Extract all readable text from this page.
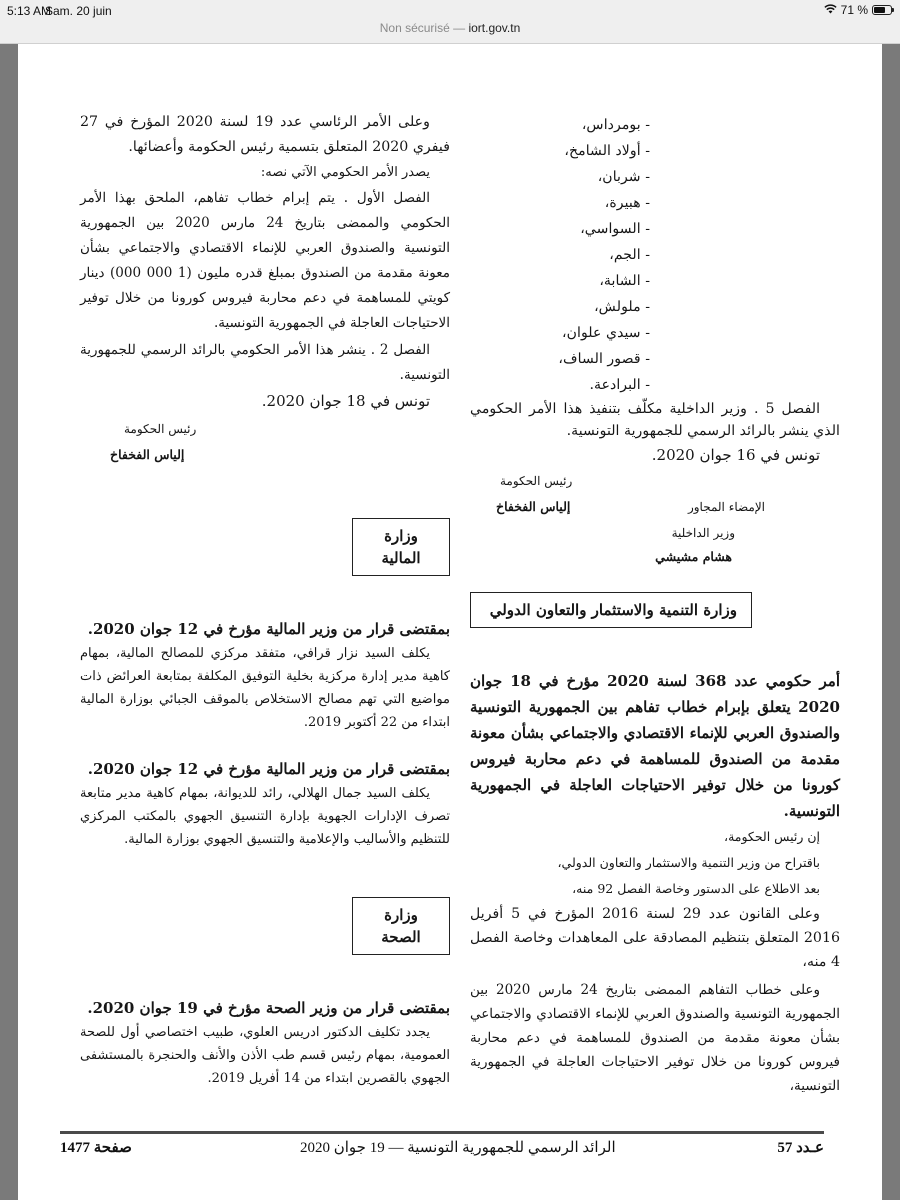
5:13 AM
Sam. 20 juin	71 %
Non sécurisé — iort.gov.tn

- بومرداس،

- أولاد الشامخ،

- شربان،

- هبيرة،

- السواسي،

- الجم،

- الشابة،

- ملولش،

- سيدي علوان،

- قصور الساف،

- البرادعة.

الفصل 5 . وزير الداخلية مكلّف بتنفيذ هذا الأمر الحكومي الذي ينشر بالرائد الرسمي للجمهورية التونسية.

تونس في 16 جوان 2020.

رئيس الحكومة
إلياس الفخفاخ	الإمضاء المجاور
وزير الداخلية
هشام مشيشي
وزارة التنمية والاستثمار والتعاون الدولي

أمر حكومي عدد 368 لسنة 2020 مؤرخ في 18 جوان 2020 يتعلق بإبرام خطاب تفاهم بين الجمهورية التونسية والصندوق العربي للإنماء الاقتصادي والاجتماعي بشأن معونة مقدمة من الصندوق للمساهمة في دعم محاربة فيروس كورونا من خلال توفير الاحتياجات العاجلة في الجمهورية التونسية.

إن رئيس الحكومة،

باقتراح من وزير التنمية والاستثمار والتعاون الدولي،

بعد الاطلاع على الدستور وخاصة الفصل 92 منه،

وعلى القانون عدد 29 لسنة 2016 المؤرخ في 5 أفريل 2016 المتعلق بتنظيم المصادقة على المعاهدات وخاصة الفصل 4 منه،

وعلى خطاب التفاهم الممضى بتاريخ 24 مارس 2020 بين الجمهورية التونسية والصندوق العربي للإنماء الاقتصادي والاجتماعي بشأن معونة مقدمة من الصندوق للمساهمة في دعم محاربة فيروس كورونا من خلال توفير الاحتياجات العاجلة في الجمهورية التونسية،

وعلى الأمر الرئاسي عدد 19 لسنة 2020 المؤرخ في 27 فيفري 2020 المتعلق بتسمية رئيس الحكومة وأعضائها.

يصدر الأمر الحكومي الآتي نصه:

الفصل الأول . يتم إبرام خطاب تفاهم، الملحق بهذا الأمر الحكومي والممضى بتاريخ 24 مارس 2020 بين الجمهورية التونسية والصندوق العربي للإنماء الاقتصادي والاجتماعي بشأن معونة مقدمة من الصندوق بمبلغ قدره مليون (1 000 000) دينار كويتي للمساهمة في دعم محاربة فيروس كورونا من خلال توفير الاحتياجات العاجلة في الجمهورية التونسية.

الفصل 2 . ينشر هذا الأمر الحكومي بالرائد الرسمي للجمهورية التونسية.

تونس في 18 جوان 2020.

رئيس الحكومة
إلياس الفخفاخ
وزارة المالية

بمقتضى قرار من وزير المالية مؤرخ في 12 جوان 2020.

يكلف السيد نزار قرافي، متفقد مركزي للمصالح المالية، بمهام كاهية مدير إدارة مركزية بخلية التوفيق المكلفة بمتابعة العرائض ذات مواضيع التي تهم مصالح الاستخلاص بالموقف الجبائي بوزارة المالية ابتداء من 22 أكتوبر 2019.

بمقتضى قرار من وزير المالية مؤرخ في 12 جوان 2020.

يكلف السيد جمال الهلالي، رائد للديوانة، بمهام كاهية مدير متابعة تصرف الإدارات الجهوية بإدارة التنسيق الجهوي بالمكتب المركزي للتنظيم والأساليب والإعلامية والتنسيق الجهوي بوزارة المالية.

وزارة الصحة

بمقتضى قرار من وزير الصحة مؤرخ في 19 جوان 2020.

يجدد تكليف الدكتور ادريس العلوي، طبيب اختصاصي أول للصحة العمومية، بمهام رئيس قسم طب الأذن والأنف والحنجرة بالمستشفى الجهوي بالقصرين ابتداء من 14 أفريل 2019.

عـدد 57
الرائد الرسمي للجمهورية التونسية — 19 جوان 2020
صفحة 1477
